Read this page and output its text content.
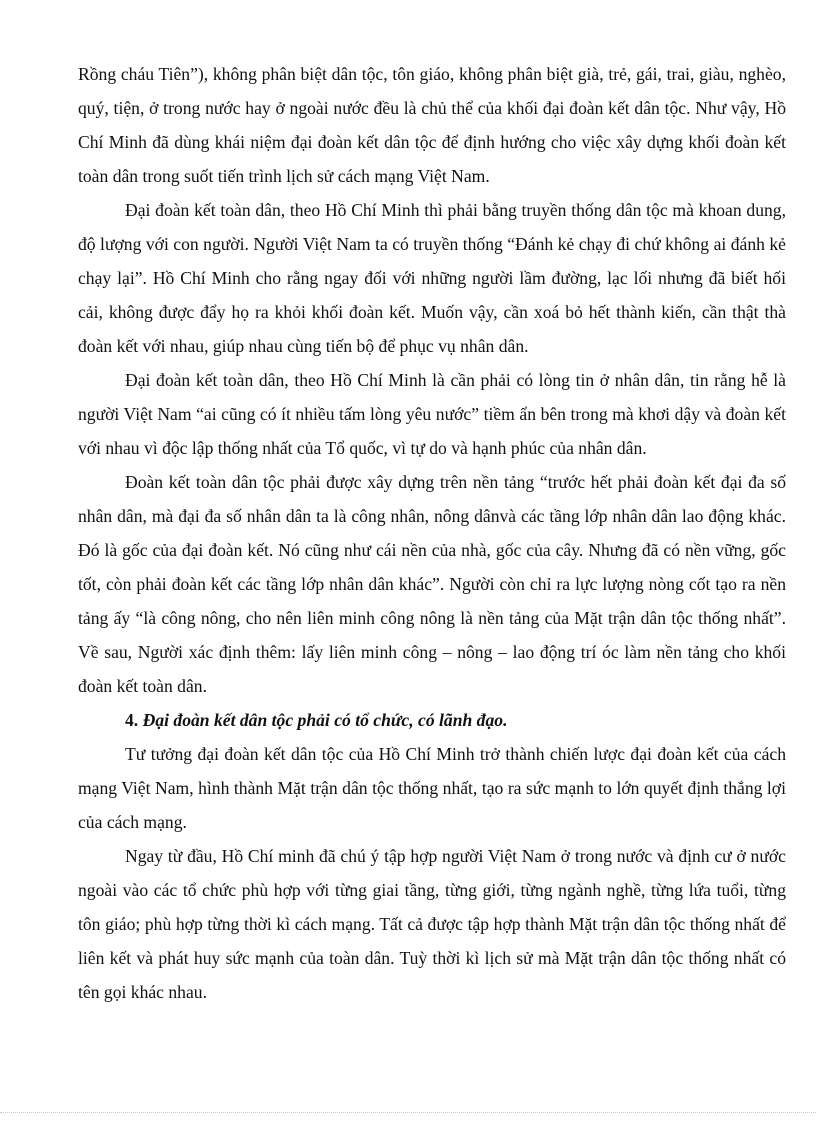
Rồng cháu Tiên”), không phân biệt dân tộc, tôn giáo, không phân biệt già, trẻ, gái, trai, giàu, nghèo, quý, tiện, ở trong nước hay ở ngoài nước đều là chủ thể của khối đại đoàn kết dân tộc. Như vậy, Hồ Chí Minh đã dùng khái niệm đại đoàn kết dân tộc để định hướng cho việc xây dựng khối đoàn kết toàn dân trong suốt tiến trình lịch sử cách mạng Việt Nam.

Đại đoàn kết toàn dân, theo Hồ Chí Minh thì phải bằng truyền thống dân tộc mà khoan dung, độ lượng với con người. Người Việt Nam ta có truyền thống “Đánh kẻ chạy đi chứ không ai đánh kẻ chạy lại”. Hồ Chí Minh cho rằng ngay đối với những người lầm đường, lạc lối nhưng đã biết hối cải, không được đẩy họ ra khỏi khối đoàn kết. Muốn vậy, cần xoá bỏ hết thành kiến, cần thật thà đoàn kết với nhau, giúp nhau cùng tiến bộ để phục vụ nhân dân.

Đại đoàn kết toàn dân, theo Hồ Chí Minh là cần phải có lòng tin ở nhân dân, tin rằng hễ là người Việt Nam “ai cũng có ít nhiều tấm lòng yêu nước” tiềm ẩn bên trong mà khơi dậy và đoàn kết với nhau vì độc lập thống nhất của Tổ quốc, vì tự do và hạnh phúc của nhân dân.

Đoàn kết toàn dân tộc phải được xây dựng trên nền tảng “trước hết phải đoàn kết đại đa số nhân dân, mà đại đa số nhân dân ta là công nhân, nông dânvà các tầng lớp nhân dân lao động khác. Đó là gốc của đại đoàn kết. Nó cũng như cái nền của nhà, gốc của cây. Nhưng đã có nền vững, gốc tốt, còn phải đoàn kết các tầng lớp nhân dân khác”. Người còn chỉ ra lực lượng nòng cốt tạo ra nền tảng ấy “là công nông, cho nên liên minh công nông là nền tảng của Mặt trận dân tộc thống nhất”. Về sau, Người xác định thêm: lấy liên minh công – nông – lao động trí óc làm nền tảng cho khối đoàn kết toàn dân.

4. Đại đoàn kết dân tộc phải có tổ chức, có lãnh đạo.

Tư tưởng đại đoàn kết dân tộc của Hồ Chí Minh trở thành chiến lược đại đoàn kết của cách mạng Việt Nam, hình thành Mặt trận dân tộc thống nhất, tạo ra sức mạnh to lớn quyết định thắng lợi của cách mạng.

Ngay từ đầu, Hồ Chí minh đã chú ý tập hợp người Việt Nam ở trong nước và định cư ở nước ngoài vào các tổ chức phù hợp với từng giai tầng, từng giới, từng ngành nghề, từng lứa tuổi, từng tôn giáo; phù hợp từng thời kì cách mạng. Tất cả được tập hợp thành Mặt trận dân tộc thống nhất để liên kết và phát huy sức mạnh của toàn dân. Tuỳ thời kì lịch sử mà Mặt trận dân tộc thống nhất có tên gọi khác nhau.
